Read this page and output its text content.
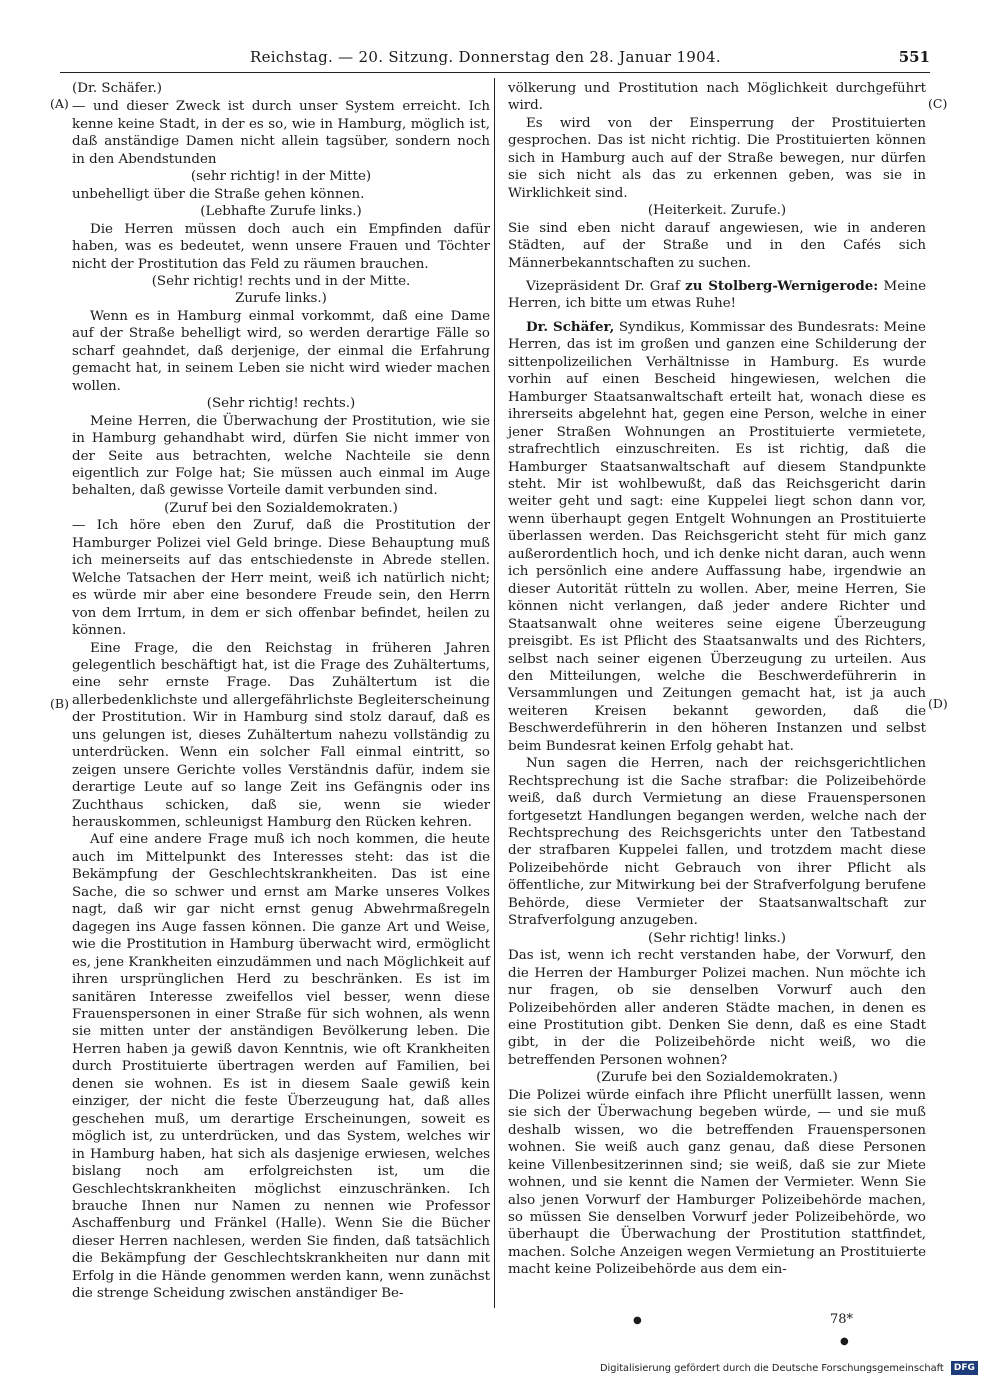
Reichstag. — 20. Sitzung. Donnerstag den 28. Januar 1904.	551
(A)
(B)
(C)
(D)

(Dr. Schäfer.)

— und dieser Zweck ist durch unser System erreicht. Ich kenne keine Stadt, in der es so, wie in Hamburg, möglich ist, daß anständige Damen nicht allein tagsüber, sondern noch in den Abendstunden

(sehr richtig! in der Mitte)

unbehelligt über die Straße gehen können.

(Lebhafte Zurufe links.)

Die Herren müssen doch auch ein Empfinden dafür haben, was es bedeutet, wenn unsere Frauen und Töchter nicht der Prostitution das Feld zu räumen brauchen.

(Sehr richtig! rechts und in der Mitte.

Zurufe links.)

Wenn es in Hamburg einmal vorkommt, daß eine Dame auf der Straße behelligt wird, so werden derartige Fälle so scharf geahndet, daß derjenige, der einmal die Erfahrung gemacht hat, in seinem Leben sie nicht wird wieder machen wollen.

(Sehr richtig! rechts.)

Meine Herren, die Überwachung der Prostitution, wie sie in Hamburg gehandhabt wird, dürfen Sie nicht immer von der Seite aus betrachten, welche Nachteile sie denn eigentlich zur Folge hat; Sie müssen auch einmal im Auge behalten, daß gewisse Vorteile damit verbunden sind.

(Zuruf bei den Sozialdemokraten.)

— Ich höre eben den Zuruf, daß die Prostitution der Hamburger Polizei viel Geld bringe. Diese Behauptung muß ich meinerseits auf das entschiedenste in Abrede stellen. Welche Tatsachen der Herr meint, weiß ich natürlich nicht; es würde mir aber eine besondere Freude sein, den Herrn von dem Irrtum, in dem er sich offenbar befindet, heilen zu können.

Eine Frage, die den Reichstag in früheren Jahren gelegentlich beschäftigt hat, ist die Frage des Zuhältertums, eine sehr ernste Frage. Das Zuhältertum ist die allerbedenklichste und allergefährlichste Begleiterscheinung der Prostitution. Wir in Hamburg sind stolz darauf, daß es uns gelungen ist, dieses Zuhältertum nahezu vollständig zu unterdrücken. Wenn ein solcher Fall einmal eintritt, so zeigen unsere Gerichte volles Verständnis dafür, indem sie derartige Leute auf so lange Zeit ins Gefängnis oder ins Zuchthaus schicken, daß sie, wenn sie wieder herauskommen, schleunigst Hamburg den Rücken kehren.

Auf eine andere Frage muß ich noch kommen, die heute auch im Mittelpunkt des Interesses steht: das ist die Bekämpfung der Geschlechtskrankheiten. Das ist eine Sache, die so schwer und ernst am Marke unseres Volkes nagt, daß wir gar nicht ernst genug Abwehrmaßregeln dagegen ins Auge fassen können. Die ganze Art und Weise, wie die Prostitution in Hamburg überwacht wird, ermöglicht es, jene Krankheiten einzudämmen und nach Möglichkeit auf ihren ursprünglichen Herd zu beschränken. Es ist im sanitären Interesse zweifellos viel besser, wenn diese Frauenspersonen in einer Straße für sich wohnen, als wenn sie mitten unter der anständigen Bevölkerung leben. Die Herren haben ja gewiß davon Kenntnis, wie oft Krankheiten durch Prostituierte übertragen werden auf Familien, bei denen sie wohnen. Es ist in diesem Saale gewiß kein einziger, der nicht die feste Überzeugung hat, daß alles geschehen muß, um derartige Erscheinungen, soweit es möglich ist, zu unterdrücken, und das System, welches wir in Hamburg haben, hat sich als dasjenige erwiesen, welches bislang noch am erfolgreichsten ist, um die Geschlechtskrankheiten möglichst einzuschränken. Ich brauche Ihnen nur Namen zu nennen wie Professor Aschaffenburg und Fränkel (Halle). Wenn Sie die Bücher dieser Herren nachlesen, werden Sie finden, daß tatsächlich die Bekämpfung der Geschlechtskrankheiten nur dann mit Erfolg in die Hände genommen werden kann, wenn zunächst die strenge Scheidung zwischen anständiger Be-

völkerung und Prostitution nach Möglichkeit durchgeführt wird.

Es wird von der Einsperrung der Prostituierten gesprochen. Das ist nicht richtig. Die Prostituierten können sich in Hamburg auch auf der Straße bewegen, nur dürfen sie sich nicht als das zu erkennen geben, was sie in Wirklichkeit sind.

(Heiterkeit. Zurufe.)

Sie sind eben nicht darauf angewiesen, wie in anderen Städten, auf der Straße und in den Cafés sich Männerbekanntschaften zu suchen.

Vizepräsident Dr. Graf zu Stolberg-Wernigerode: Meine Herren, ich bitte um etwas Ruhe!

Dr. Schäfer, Syndikus, Kommissar des Bundesrats: Meine Herren, das ist im großen und ganzen eine Schilderung der sittenpolizeilichen Verhältnisse in Hamburg. Es wurde vorhin auf einen Bescheid hingewiesen, welchen die Hamburger Staatsanwaltschaft erteilt hat, wonach diese es ihrerseits abgelehnt hat, gegen eine Person, welche in einer jener Straßen Wohnungen an Prostituierte vermietete, strafrechtlich einzuschreiten. Es ist richtig, daß die Hamburger Staatsanwaltschaft auf diesem Standpunkte steht. Mir ist wohlbewußt, daß das Reichsgericht darin weiter geht und sagt: eine Kuppelei liegt schon dann vor, wenn überhaupt gegen Entgelt Wohnungen an Prostituierte überlassen werden. Das Reichsgericht steht für mich ganz außerordentlich hoch, und ich denke nicht daran, auch wenn ich persönlich eine andere Auffassung habe, irgendwie an dieser Autorität rütteln zu wollen. Aber, meine Herren, Sie können nicht verlangen, daß jeder andere Richter und Staatsanwalt ohne weiteres seine eigene Überzeugung preisgibt. Es ist Pflicht des Staatsanwalts und des Richters, selbst nach seiner eigenen Überzeugung zu urteilen. Aus den Mitteilungen, welche die Beschwerdeführerin in Versammlungen und Zeitungen gemacht hat, ist ja auch weiteren Kreisen bekannt geworden, daß die Beschwerdeführerin in den höheren Instanzen und selbst beim Bundesrat keinen Erfolg gehabt hat.

Nun sagen die Herren, nach der reichsgerichtlichen Rechtsprechung ist die Sache strafbar: die Polizeibehörde weiß, daß durch Vermietung an diese Frauenspersonen fortgesetzt Handlungen begangen werden, welche nach der Rechtsprechung des Reichsgerichts unter den Tatbestand der strafbaren Kuppelei fallen, und trotzdem macht diese Polizeibehörde nicht Gebrauch von ihrer Pflicht als öffentliche, zur Mitwirkung bei der Strafverfolgung berufene Behörde, diese Vermieter der Staatsanwaltschaft zur Strafverfolgung anzugeben.

(Sehr richtig! links.)

Das ist, wenn ich recht verstanden habe, der Vorwurf, den die Herren der Hamburger Polizei machen. Nun möchte ich nur fragen, ob sie denselben Vorwurf auch den Polizeibehörden aller anderen Städte machen, in denen es eine Prostitution gibt. Denken Sie denn, daß es eine Stadt gibt, in der die Polizeibehörde nicht weiß, wo die betreffenden Personen wohnen?

(Zurufe bei den Sozialdemokraten.)

Die Polizei würde einfach ihre Pflicht unerfüllt lassen, wenn sie sich der Überwachung begeben würde, — und sie muß deshalb wissen, wo die betreffenden Frauenspersonen wohnen. Sie weiß auch ganz genau, daß diese Personen keine Villenbesitzerinnen sind; sie weiß, daß sie zur Miete wohnen, und sie kennt die Namen der Vermieter. Wenn Sie also jenen Vorwurf der Hamburger Polizeibehörde machen, so müssen Sie denselben Vorwurf jeder Polizeibehörde, wo überhaupt die Überwachung der Prostitution stattfindet, machen. Solche Anzeigen wegen Vermietung an Prostituierte macht keine Polizeibehörde aus dem ein-

●	78*
●
Digitalisierung gefördert durch die Deutsche Forschungsgemeinschaft DFG
